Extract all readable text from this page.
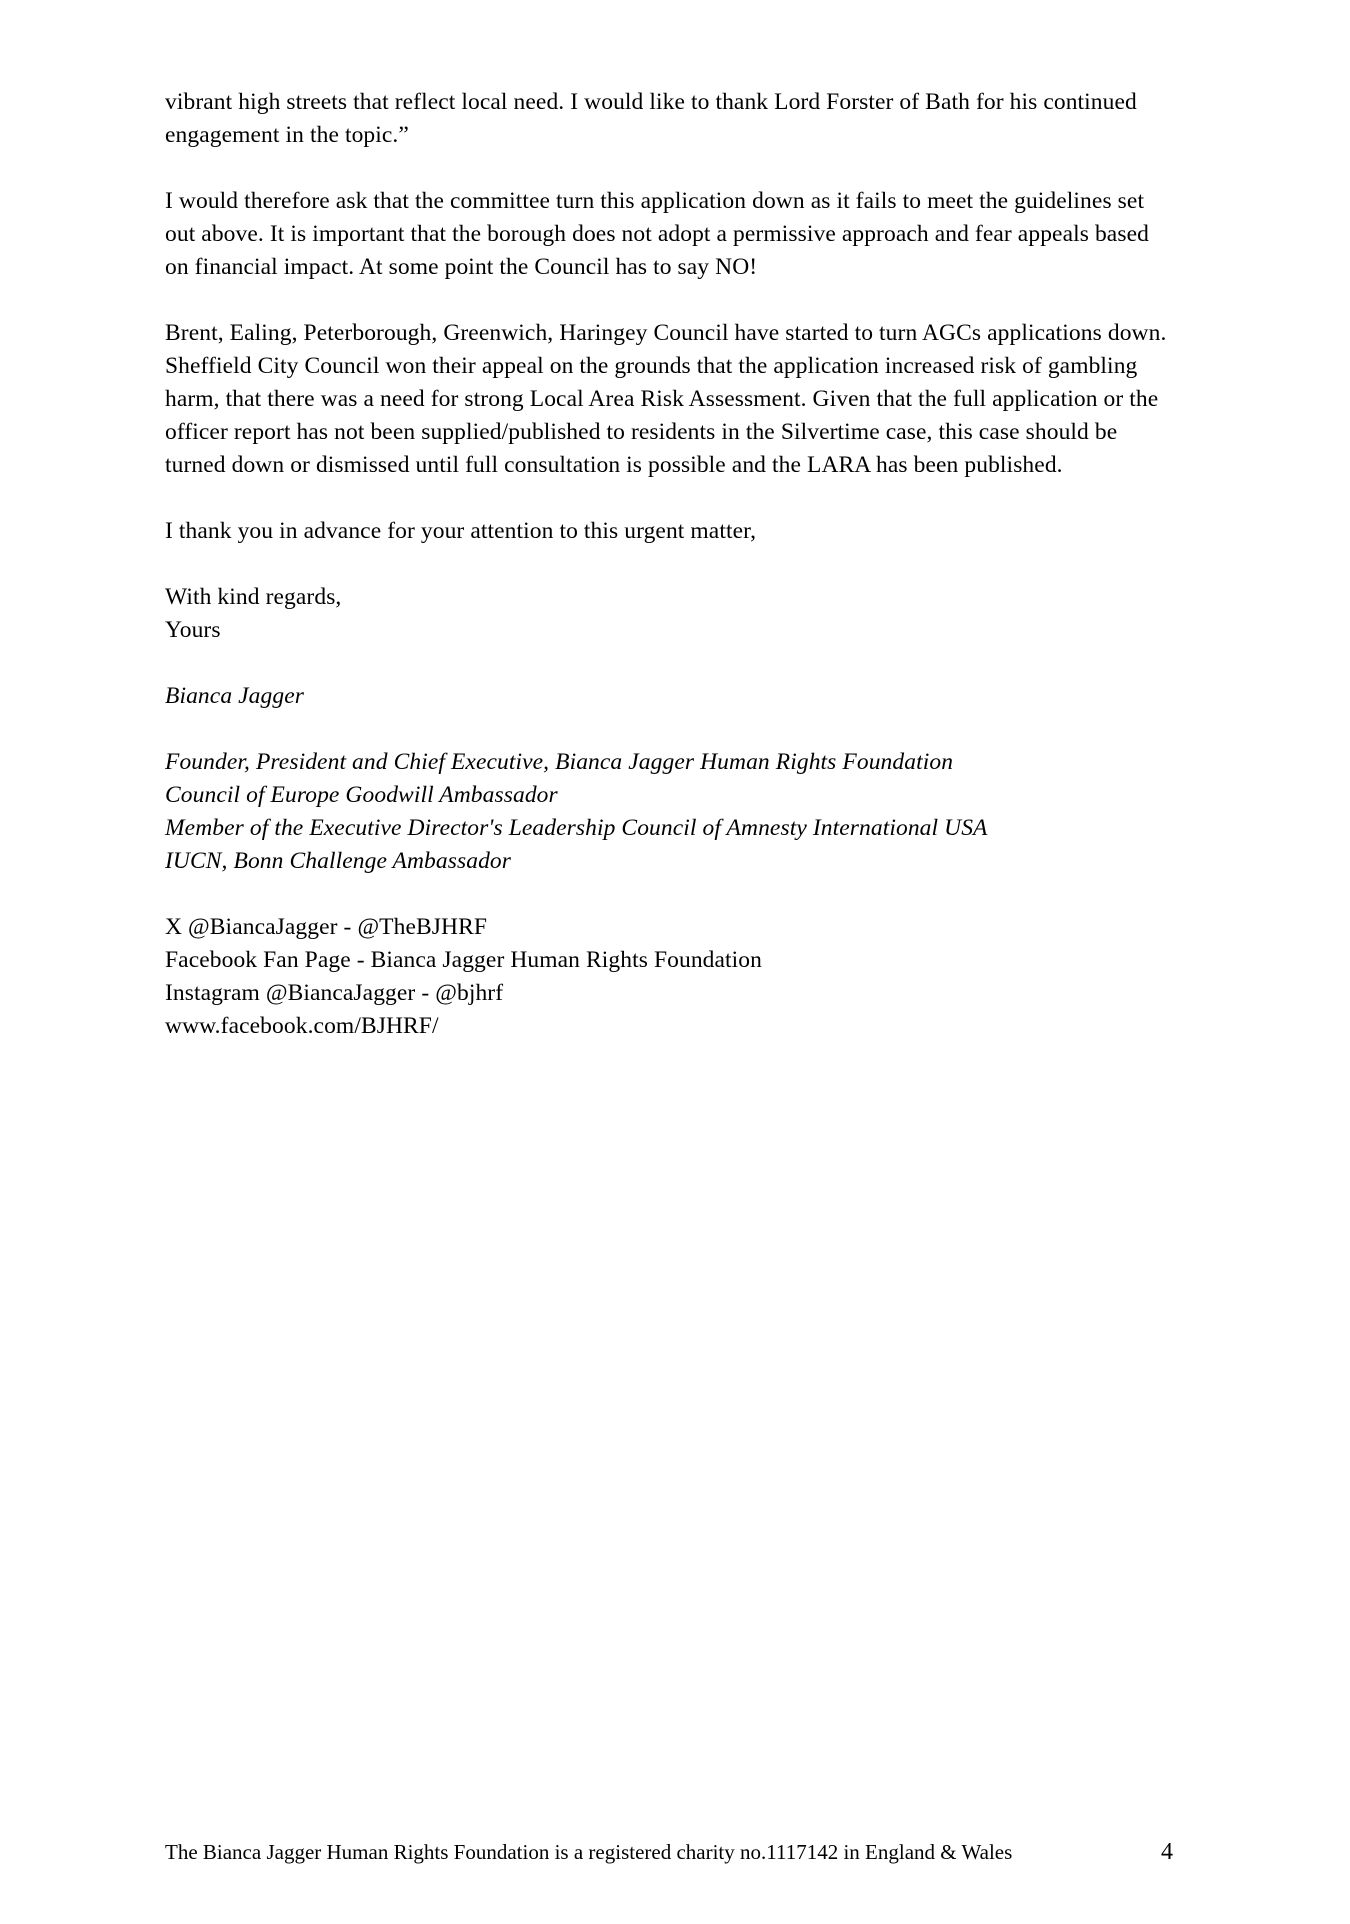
vibrant high streets that reflect local need. I would like to thank Lord Forster of Bath for his continued engagement in the topic.”

I would therefore ask that the committee turn this application down as it fails to meet the guidelines set out above. It is important that the borough does not adopt a permissive approach and fear appeals based on financial impact. At some point the Council has to say NO!

Brent, Ealing, Peterborough, Greenwich, Haringey Council have started to turn AGCs applications down. Sheffield City Council won their appeal on the grounds that the application increased risk of gambling harm, that there was a need for strong Local Area Risk Assessment. Given that the full application or the officer report has not been supplied/published to residents in the Silvertime case, this case should be turned down or dismissed until full consultation is possible and the LARA has been published.

I thank you in advance for your attention to this urgent matter,

With kind regards,
Yours

Bianca Jagger

Founder, President and Chief Executive, Bianca Jagger Human Rights Foundation
Council of Europe Goodwill Ambassador
Member of the Executive Director's Leadership Council of Amnesty International USA
IUCN, Bonn Challenge Ambassador

X @BiancaJagger - @TheBJHRF
Facebook Fan Page - Bianca Jagger Human Rights Foundation
Instagram @BiancaJagger - @bjhrf
www.facebook.com/BJHRF/

The Bianca Jagger Human Rights Foundation is a registered charity no.1117142 in England & Wales	4
